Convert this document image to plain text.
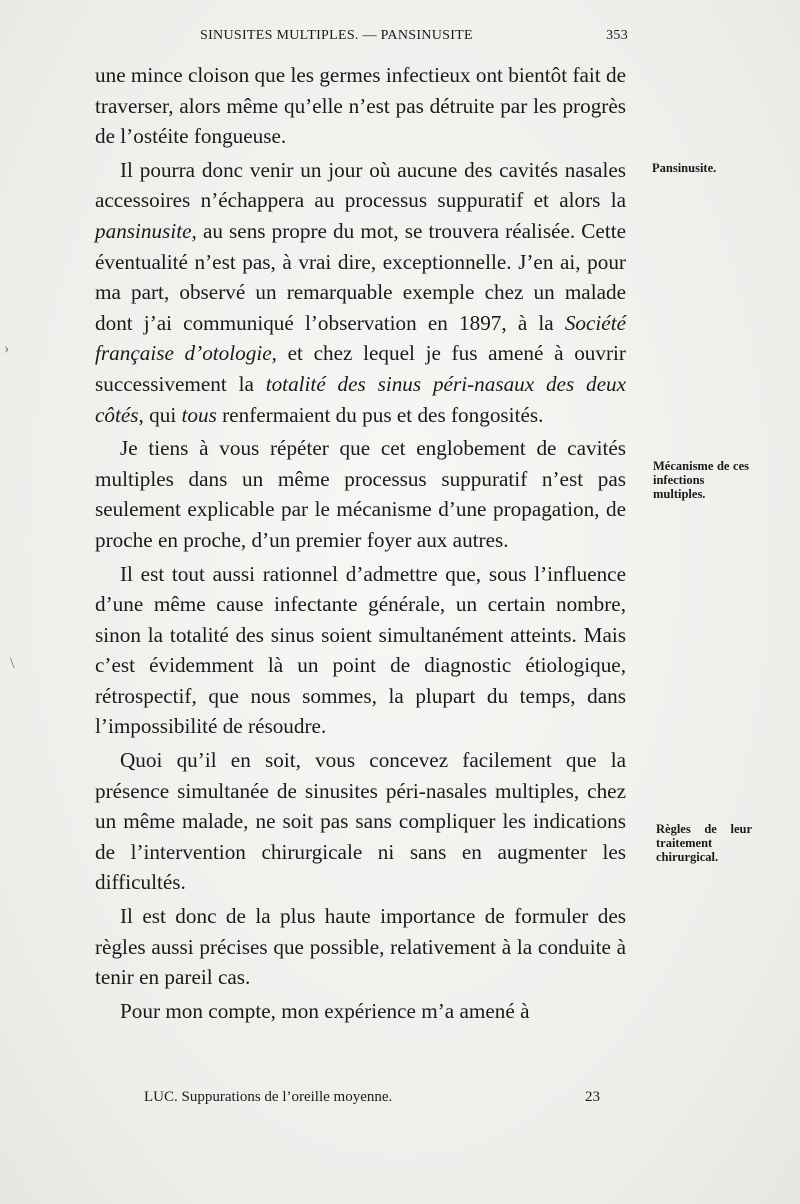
SINUSITES MULTIPLES. — PANSINUSITE	353

une mince cloison que les germes infectieux ont bientôt fait de traverser, alors même qu’elle n’est pas détruite par les progrès de l’ostéite fongueuse.

Il pourra donc venir un jour où aucune des cavités nasales accessoires n’échappera au processus suppuratif et alors la pansinusite, au sens propre du mot, se trouvera réalisée. Cette éventualité n’est pas, à vrai dire, exceptionnelle. J’en ai, pour ma part, observé un remarquable exemple chez un malade dont j’ai communiqué l’observation en 1897, à la Société française d’otologie, et chez lequel je fus amené à ouvrir successivement la totalité des sinus péri-nasaux des deux côtés, qui tous renfermaient du pus et des fongosités.

Je tiens à vous répéter que cet englobement de cavités multiples dans un même processus suppuratif n’est pas seulement explicable par le mécanisme d’une propagation, de proche en proche, d’un premier foyer aux autres.

Il est tout aussi rationnel d’admettre que, sous l’influence d’une même cause infectante générale, un certain nombre, sinon la totalité des sinus soient simultanément atteints. Mais c’est évidemment là un point de diagnostic étiologique, rétrospectif, que nous sommes, la plupart du temps, dans l’impossibilité de résoudre.

Quoi qu’il en soit, vous concevez facilement que la présence simultanée de sinusites péri-nasales multiples, chez un même malade, ne soit pas sans compliquer les indications de l’intervention chirurgicale ni sans en augmenter les difficultés.

Il est donc de la plus haute importance de formuler des règles aussi précises que possible, relativement à la conduite à tenir en pareil cas.

Pour mon compte, mon expérience m’a amené à

Pansinusite.
Mécanisme de ces infections multiples.
Règles de leur traitement chirurgical.
LUC. Suppurations de l’oreille moyenne.	23
›
\
